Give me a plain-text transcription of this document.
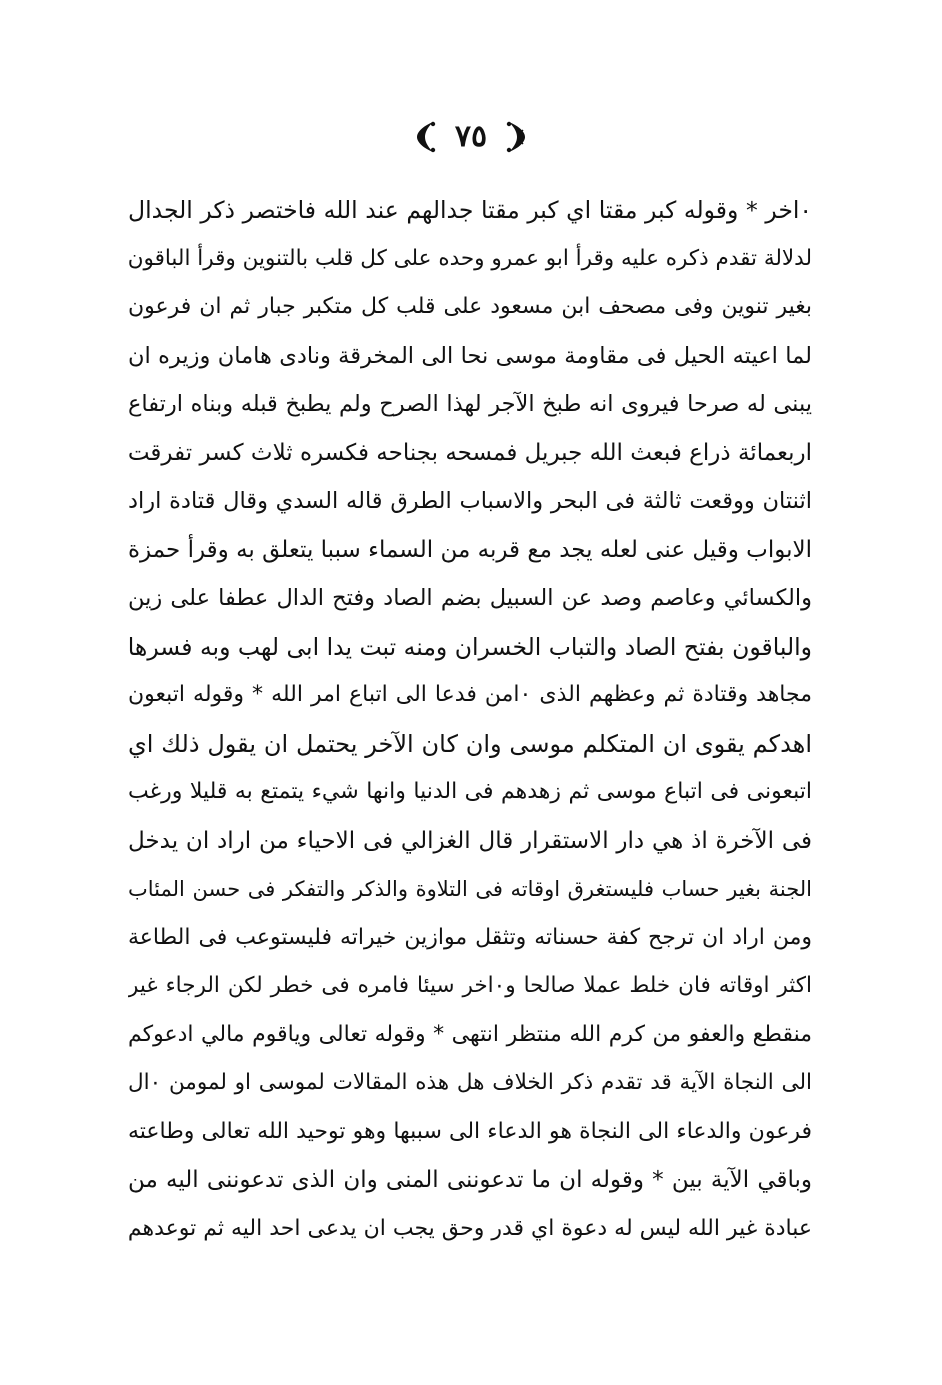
٧٥
٠اخر * وقوله كبر مقتا اي كبر مقتا جدالهم عند الله فاختصر ذكر الجدال
لدلالة تقدم ذكره عليه وقرأ ابو عمرو وحده على كل قلب بالتنوين وقرأ الباقون
بغير تنوين وفى مصحف ابن مسعود على قلب كل متكبر جبار ثم ان فرعون
لما اعيته الحيل فى مقاومة موسى نحا الى المخرقة ونادى هامان وزيره ان
يبنى له صرحا فيروى انه طبخ الآجر لهذا الصرح ولم يطبخ قبله وبناه ارتفاع
اربعمائة ذراع فبعث الله جبريل فمسحه بجناحه فكسره ثلاث كسر تفرقت
اثنتان ووقعت ثالثة فى البحر والاسباب الطرق قاله السدي وقال قتادة اراد
الابواب وقيل عنى لعله يجد مع قربه من السماء سببا يتعلق به وقرأ حمزة
والكسائي وعاصم وصد عن السبيل بضم الصاد وفتح الدال عطفا على زين
والباقون بفتح الصاد والتباب الخسران ومنه تبت يدا ابى لهب وبه فسرها
مجاهد وقتادة ثم وعظهم الذى ٠امن فدعا الى اتباع امر الله * وقوله اتبعون
اهدكم يقوى ان المتكلم موسى وان كان الآخر يحتمل ان يقول ذلك اي
اتبعونى فى اتباع موسى ثم زهدهم فى الدنيا وانها شيء يتمتع به قليلا ورغب
فى الآخرة اذ هي دار الاستقرار قال الغزالي فى الاحياء من اراد ان يدخل
الجنة بغير حساب فليستغرق اوقاته فى التلاوة والذكر والتفكر فى حسن المئاب
ومن اراد ان ترجح كفة حسناته وتثقل موازين خيراته فليستوعب فى الطاعة
اكثر اوقاته فان خلط عملا صالحا و٠اخر سيئا فامره فى خطر لكن الرجاء غير
منقطع والعفو من كرم الله منتظر انتهى * وقوله تعالى وياقوم مالي ادعوكم
الى النجاة الآية قد تقدم ذكر الخلاف هل هذه المقالات لموسى او لمومن ٠ال
فرعون والدعاء الى النجاة هو الدعاء الى سببها وهو توحيد الله تعالى وطاعته
وباقي الآية بين * وقوله ان ما تدعوننى المنى وان الذى تدعوننى اليه من
عبادة غير الله ليس له دعوة اي قدر وحق يجب ان يدعى احد اليه ثم توعدهم
